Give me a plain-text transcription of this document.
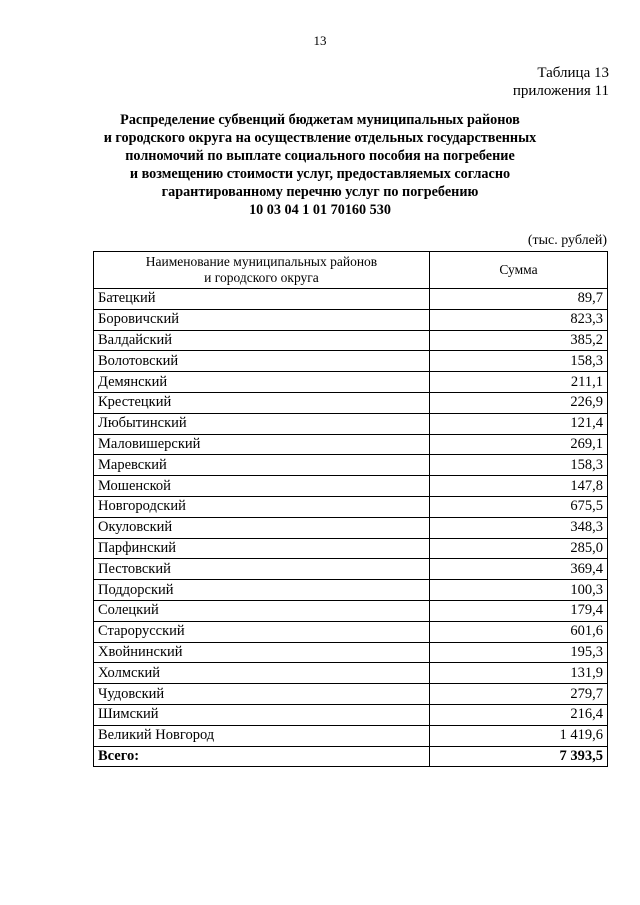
13
Таблица 13
приложения 11
Распределение субвенций бюджетам муниципальных районов
и городского округа на осуществление отдельных государственных
полномочий по выплате социального пособия на погребение
и возмещению стоимости услуг, предоставляемых согласно
гарантированному перечню услуг по погребению
10 03 04 1 01 70160 530
(тыс. рублей)
Наименование муниципальных районов
и городского округа	Сумма
Батецкий	89,7
Боровичский	823,3
Валдайский	385,2
Волотовский	158,3
Демянский	211,1
Крестецкий	226,9
Любытинский	121,4
Маловишерский	269,1
Маревский	158,3
Мошенской	147,8
Новгородский	675,5
Окуловский	348,3
Парфинский	285,0
Пестовский	369,4
Поддорский	100,3
Солецкий	179,4
Старорусский	601,6
Хвойнинский	195,3
Холмский	131,9
Чудовский	279,7
Шимский	216,4
Великий Новгород	1 419,6
Всего:	7 393,5
